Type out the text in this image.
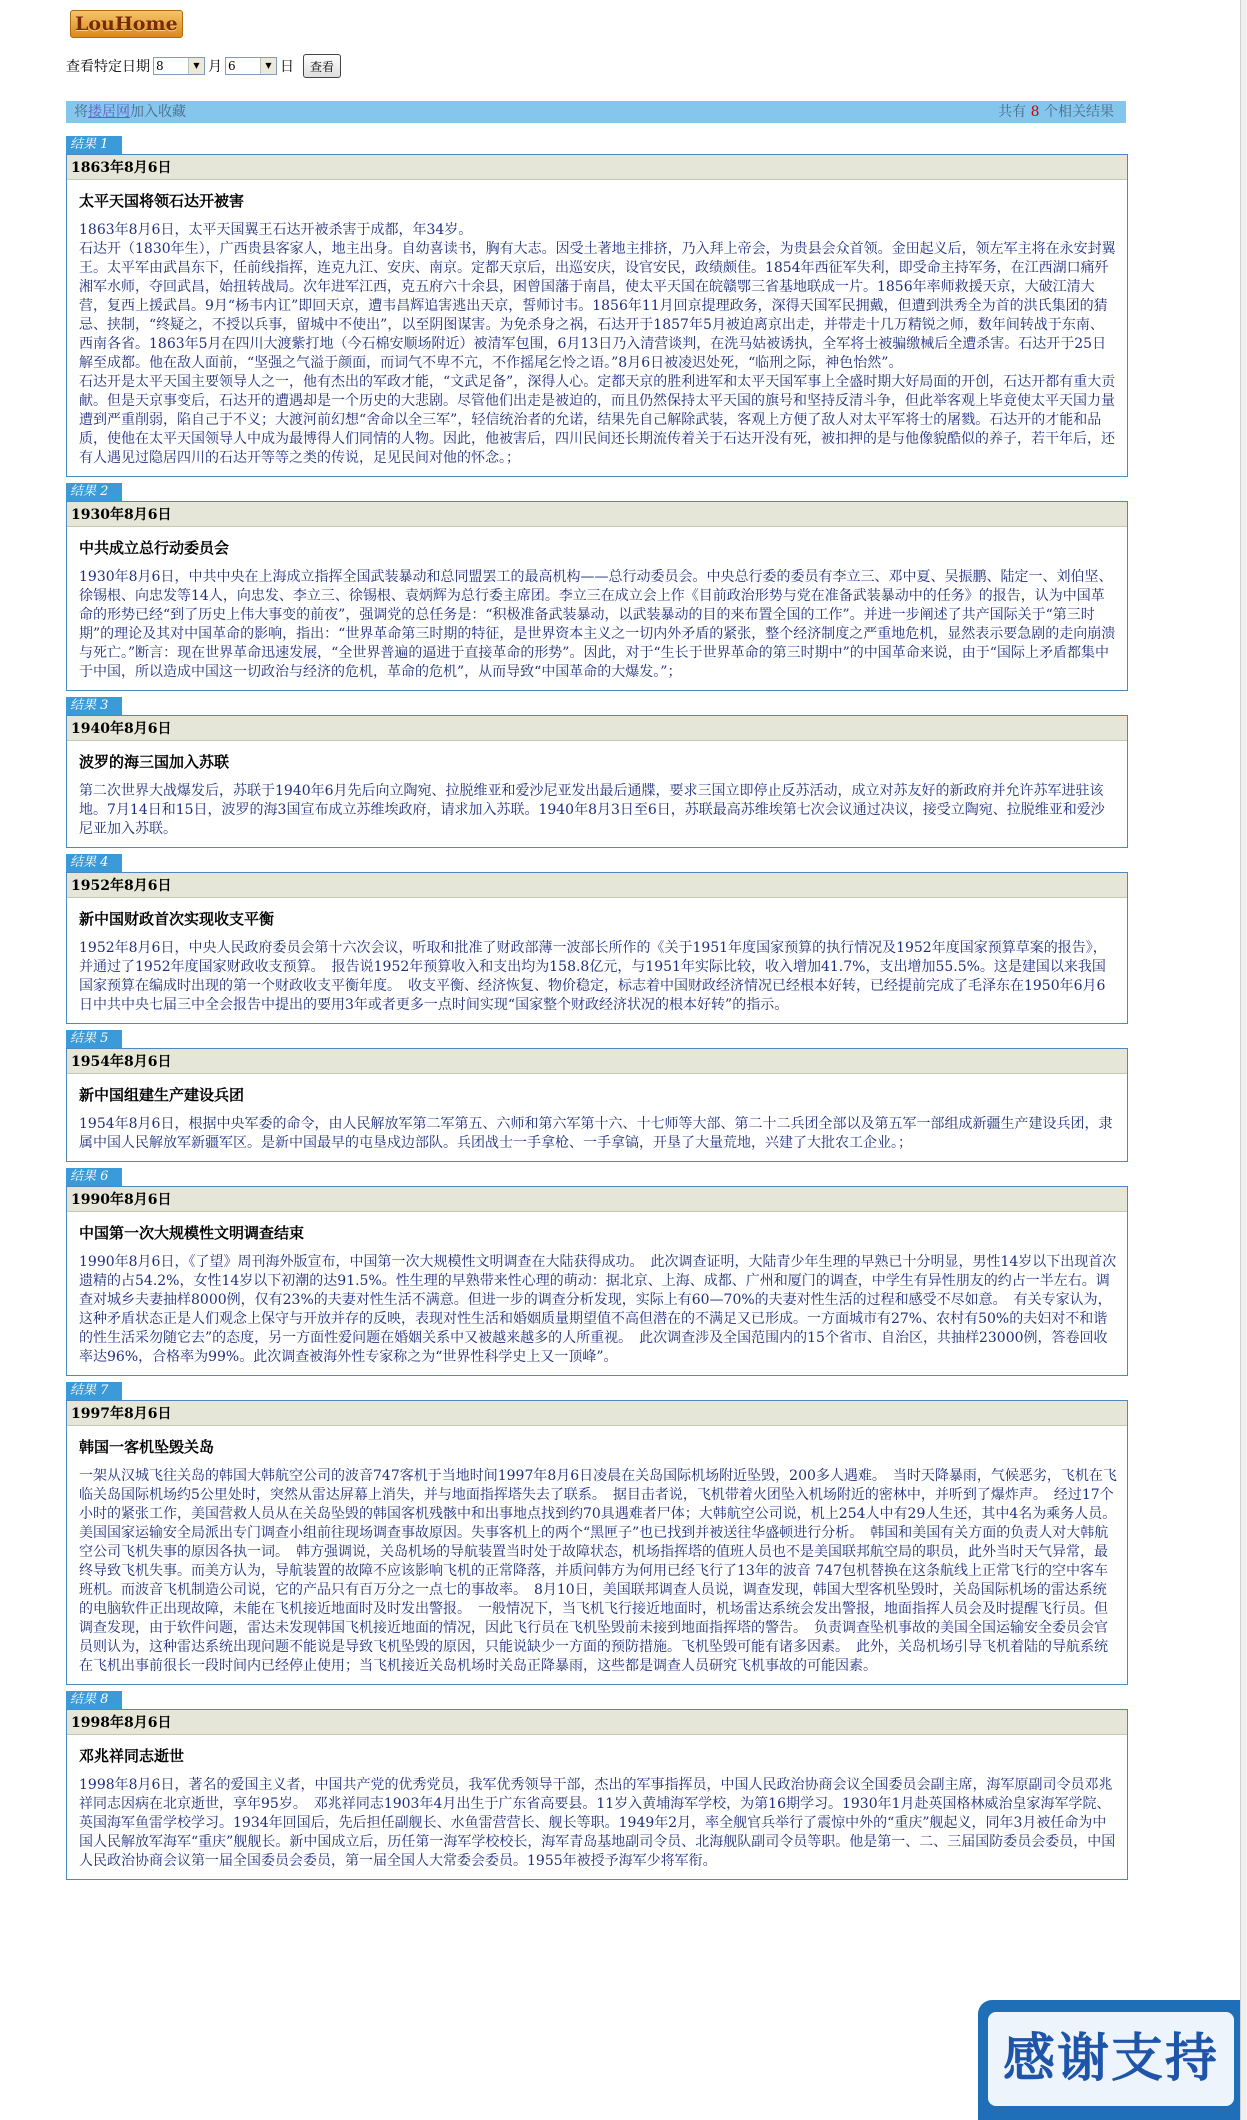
LouHome
查看特定日期 8	▼ 月 6	▼ 日	查看
将搂居网加入收藏	共有 8 个相关结果
结果 1
1863年8月6日
太平天国将领石达开被害
1863年8月6日，太平天国翼王石达开被杀害于成都，年34岁。
石达开（1830年生），广西贵县客家人，地主出身。自幼喜读书，胸有大志。因受土著地主排挤，乃入拜上帝会，为贵县会众首领。金田起义后，领左军主将在永安封翼王。太平军由武昌东下，任前线指挥，连克九江、安庆、南京。定都天京后，出巡安庆，设官安民，政绩颇佳。1854年西征军失利，即受命主持军务，在江西湖口痛歼湘军水师，夺回武昌，始扭转战局。次年进军江西，克五府六十余县，困曾国藩于南昌，使太平天国在皖赣鄂三省基地联成一片。1856年率师救援天京，大破江清大营，复西上援武昌。9月“杨韦内讧”即回天京，遭韦昌辉追害逃出天京，誓师讨韦。1856年11月回京提理政务，深得天国军民拥戴，但遭到洪秀全为首的洪氏集团的猜忌、挟制，“终疑之，不授以兵事，留城中不使出”，以至阴图谋害。为免杀身之祸，石达开于1857年5月被迫离京出走，并带走十几万精锐之师，数年间转战于东南、西南各省。1863年5月在四川大渡紫打地（今石棉安顺场附近）被清军包围，6月13日乃入清营谈判，在洗马姑被诱执，全军将士被骗缴械后全遭杀害。石达开于25日解至成都。他在敌人面前，“坚强之气溢于颜面，而词气不卑不亢，不作摇尾乞怜之语。”8月6日被凌迟处死，“临刑之际，神色怡然”。
石达开是太平天国主要领导人之一，他有杰出的军政才能，“文武足备”，深得人心。定都天京的胜利进军和太平天国军事上全盛时期大好局面的开创，石达开都有重大贡献。但是天京事变后，石达开的遭遇却是一个历史的大悲剧。尽管他们出走是被迫的，而且仍然保持太平天国的旗号和坚持反清斗争，但此举客观上毕竟使太平天国力量遭到严重削弱，陷自己于不义；大渡河前幻想“舍命以全三军”，轻信统治者的允诺，结果先自己解除武装，客观上方便了敌人对太平军将士的屠戮。石达开的才能和品质，使他在太平天国领导人中成为最博得人们同情的人物。因此，他被害后，四川民间还长期流传着关于石达开没有死，被扣押的是与他像貌酷似的养子，若干年后，还有人遇见过隐居四川的石达开等等之类的传说，足见民间对他的怀念。；
结果 2
1930年8月6日
中共成立总行动委员会
1930年8月6日，中共中央在上海成立指挥全国武装暴动和总同盟罢工的最高机构——总行动委员会。中央总行委的委员有李立三、邓中夏、吴振鹏、陆定一、刘伯坚、徐锡根、向忠发等14人，向忠发、李立三、徐锡根、袁炳辉为总行委主席团。李立三在成立会上作《目前政治形势与党在准备武装暴动中的任务》的报告，认为中国革命的形势已经“到了历史上伟大事变的前夜”，强调党的总任务是：“积极准备武装暴动，以武装暴动的目的来布置全国的工作”。并进一步阐述了共产国际关于“第三时期”的理论及其对中国革命的影响，指出：“世界革命第三时期的特征，是世界资本主义之一切内外矛盾的紧张，整个经济制度之严重地危机，显然表示要急剧的走向崩溃与死亡。”断言：现在世界革命迅速发展，“全世界普遍的逼进于直接革命的形势”。因此，对于“生长于世界革命的第三时期中”的中国革命来说，由于“国际上矛盾都集中于中国，所以造成中国这一切政治与经济的危机，革命的危机”，从而导致“中国革命的大爆发。”；
结果 3
1940年8月6日
波罗的海三国加入苏联
第二次世界大战爆发后，苏联于1940年6月先后向立陶宛、拉脱维亚和爱沙尼亚发出最后通牒，要求三国立即停止反苏活动，成立对苏友好的新政府并允许苏军进驻该地。7月14日和15日，波罗的海3国宣布成立苏维埃政府，请求加入苏联。1940年8月3日至6日，苏联最高苏维埃第七次会议通过决议，接受立陶宛、拉脱维亚和爱沙尼亚加入苏联。
结果 4
1952年8月6日
新中国财政首次实现收支平衡
1952年8月6日，中央人民政府委员会第十六次会议，听取和批准了财政部薄一波部长所作的《关于1951年度国家预算的执行情况及1952年度国家预算草案的报告》，并通过了1952年度国家财政收支预算。　报告说1952年预算收入和支出均为158.8亿元，与1951年实际比较，收入增加41.7%，支出增加55.5%。这是建国以来我国国家预算在编成时出现的第一个财政收支平衡年度。　收支平衡、经济恢复、物价稳定，标志着中国财政经济情况已经根本好转，已经提前完成了毛泽东在1950年6月6日中共中央七届三中全会报告中提出的要用3年或者更多一点时间实现“国家整个财政经济状况的根本好转”的指示。
结果 5
1954年8月6日
新中国组建生产建设兵团
1954年8月6日，根据中央军委的命令，由人民解放军第二军第五、六师和第六军第十六、十七师等大部、第二十二兵团全部以及第五军一部组成新疆生产建设兵团，隶属中国人民解放军新疆军区。是新中国最早的屯垦戍边部队。兵团战士一手拿枪、一手拿镐，开垦了大量荒地，兴建了大批农工企业。；
结果 6
1990年8月6日
中国第一次大规模性文明调查结束
1990年8月6日，《了望》周刊海外版宣布，中国第一次大规模性文明调查在大陆获得成功。　此次调查证明，大陆青少年生理的早熟已十分明显，男性14岁以下出现首次遗精的占54.2%，女性14岁以下初潮的达91.5%。性生理的早熟带来性心理的萌动：据北京、上海、成都、广州和厦门的调查，中学生有异性朋友的约占一半左右。调查对城乡夫妻抽样8000例，仅有23%的夫妻对性生活不满意。但进一步的调查分析发现，实际上有60—70%的夫妻对性生活的过程和感受不尽如意。　有关专家认为，这种矛盾状态正是人们观念上保守与开放并存的反映，表现对性生活和婚姻质量期望值不高但潜在的不满足又已形成。一方面城市有27%、农村有50%的夫妇对不和谐的性生活采勿随它去”的态度，另一方面性爱问题在婚姻关系中又被越来越多的人所重视。　此次调查涉及全国范围内的15个省市、自治区，共抽样23000例，答卷回收率达96%，合格率为99%。此次调查被海外性专家称之为“世界性科学史上又一顶峰”。
结果 7
1997年8月6日
韩国一客机坠毁关岛
一架从汉城飞往关岛的韩国大韩航空公司的波音747客机于当地时间1997年8月6日凌晨在关岛国际机场附近坠毁，200多人遇难。　当时天降暴雨，气候恶劣，飞机在飞临关岛国际机场约5公里处时，突然从雷达屏幕上消失，并与地面指挥塔失去了联系。　据目击者说，飞机带着火团坠入机场附近的密林中，并听到了爆炸声。　经过17个小时的紧张工作，美国营救人员从在关岛坠毁的韩国客机残骸中和出事地点找到约70具遇难者尸体；大韩航空公司说，机上254人中有29人生还，其中4名为乘务人员。美国国家运输安全局派出专门调查小组前往现场调查事故原因。失事客机上的两个“黑匣子”也已找到并被送往华盛顿进行分析。　韩国和美国有关方面的负责人对大韩航空公司飞机失事的原因各执一词。　韩方强调说，关岛机场的导航装置当时处于故障状态，机场指挥塔的值班人员也不是美国联邦航空局的职员，此外当时天气异常，最终导致飞机失事。而美方认为，导航装置的故障不应该影响飞机的正常降落，并质问韩方为何用已经飞行了13年的波音 747包机替换在这条航线上正常飞行的空中客车班机。而波音飞机制造公司说，它的产品只有百万分之一点七的事故率。　8月10日，美国联邦调查人员说，调查发现，韩国大型客机坠毁时，关岛国际机场的雷达系统的电脑软件正出现故障，未能在飞机接近地面时及时发出警报。　一般情况下，当飞机飞行接近地面时，机场雷达系统会发出警报，地面指挥人员会及时提醒飞行员。但调查发现，由于软件问题，雷达未发现韩国飞机接近地面的情况，因此飞行员在飞机坠毁前未接到地面指挥塔的警告。　负责调查坠机事故的美国全国运输安全委员会官员则认为，这种雷达系统出现问题不能说是导致飞机坠毁的原因，只能说缺少一方面的预防措施。飞机坠毁可能有诸多因素。　此外，关岛机场引导飞机着陆的导航系统在飞机出事前很长一段时间内已经停止使用；当飞机接近关岛机场时关岛正降暴雨，这些都是调查人员研究飞机事故的可能因素。
结果 8
1998年8月6日
邓兆祥同志逝世
1998年8月6日，著名的爱国主义者，中国共产党的优秀党员，我军优秀领导干部，杰出的军事指挥员，中国人民政治协商会议全国委员会副主席，海军原副司令员邓兆祥同志因病在北京逝世，享年95岁。　邓兆祥同志1903年4月出生于广东省高要县。11岁入黄埔海军学校，为第16期学习。1930年1月赴英国格林威治皇家海军学院、英国海军鱼雷学校学习。1934年回国后，先后担任副舰长、水鱼雷营营长、舰长等职。1949年2月，率全舰官兵举行了震惊中外的“重庆”舰起义，同年3月被任命为中国人民解放军海军“重庆”舰舰长。新中国成立后，历任第一海军学校校长，海军青岛基地副司令员、北海舰队副司令员等职。他是第一、二、三届国防委员会委员，中国人民政治协商会议第一届全国委员会委员，第一届全国人大常委会委员。1955年被授予海军少将军衔。
感谢支持
